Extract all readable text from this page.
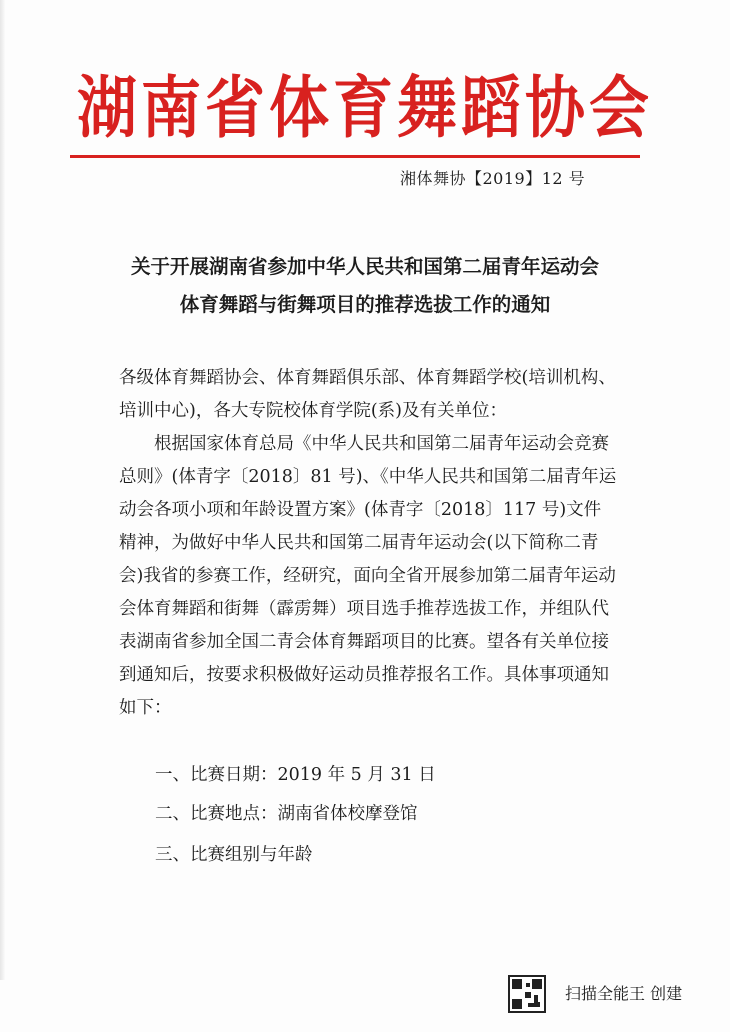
湖南省体育舞蹈协会
湘体舞协【2019】12 号
关于开展湖南省参加中华人民共和国第二届青年运动会
体育舞蹈与街舞项目的推荐选拔工作的通知

各级体育舞蹈协会、体育舞蹈俱乐部、体育舞蹈学校(培训机构、培训中心)，各大专院校体育学院(系)及有关单位：

根据国家体育总局《中华人民共和国第二届青年运动会竞赛总则》(体青字〔2018〕81 号)、《中华人民共和国第二届青年运动会各项小项和年龄设置方案》(体青字〔2018〕117 号)文件精神，为做好中华人民共和国第二届青年运动会(以下简称二青会)我省的参赛工作，经研究，面向全省开展参加第二届青年运动会体育舞蹈和街舞（霹雳舞）项目选手推荐选拔工作，并组队代表湖南省参加全国二青会体育舞蹈项目的比赛。望各有关单位接到通知后，按要求积极做好运动员推荐报名工作。具体事项通知如下：

一、比赛日期：2019 年 5 月 31 日
二、比赛地点：湖南省体校摩登馆
三、比赛组别与年龄
扫描全能王 创建
